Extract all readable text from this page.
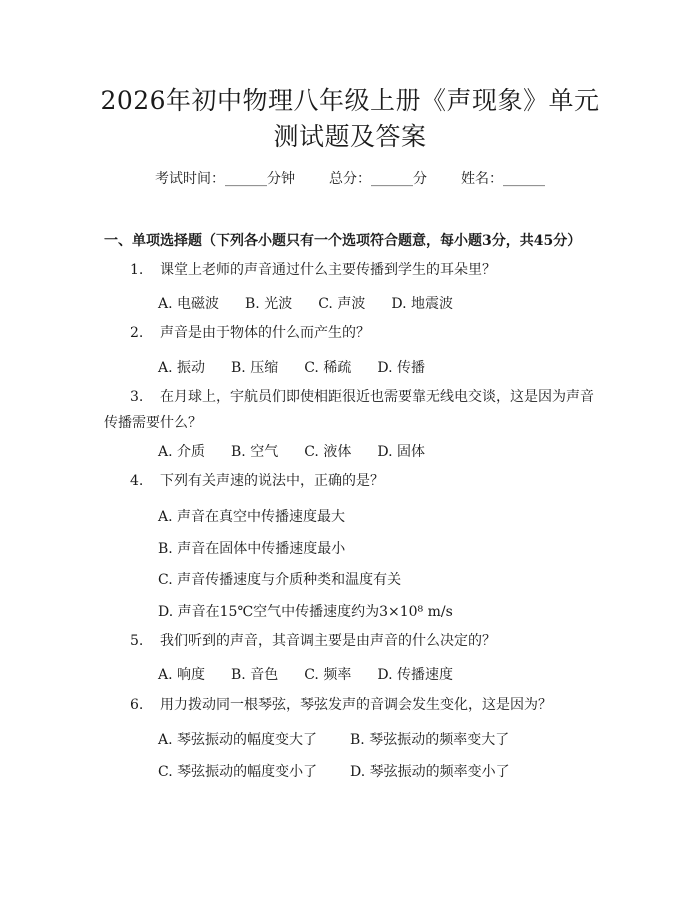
2026年初中物理八年级上册《声现象》单元
测试题及答案
考试时间：______分钟 总分：______分 姓名：______
一、单项选择题（下列各小题只有一个选项符合题意，每小题3分，共45分）
1. 课堂上老师的声音通过什么主要传播到学生的耳朵里？
A. 电磁波 B. 光波 C. 声波 D. 地震波
2. 声音是由于物体的什么而产生的？
A. 振动 B. 压缩 C. 稀疏 D. 传播
3. 在月球上，宇航员们即使相距很近也需要靠无线电交谈，这是因为声音传播需要什么？
A. 介质 B. 空气 C. 液体 D. 固体
4. 下列有关声速的说法中，正确的是？
A. 声音在真空中传播速度最大
B. 声音在固体中传播速度最小
C. 声音传播速度与介质种类和温度有关
D. 声音在15℃空气中传播速度约为3×10⁸ m/s
5. 我们听到的声音，其音调主要是由声音的什么决定的？
A. 响度 B. 音色 C. 频率 D. 传播速度
6. 用力拨动同一根琴弦，琴弦发声的音调会发生变化，这是因为？
A. 琴弦振动的幅度变大了 B. 琴弦振动的频率变大了
C. 琴弦振动的幅度变小了 D. 琴弦振动的频率变小了
